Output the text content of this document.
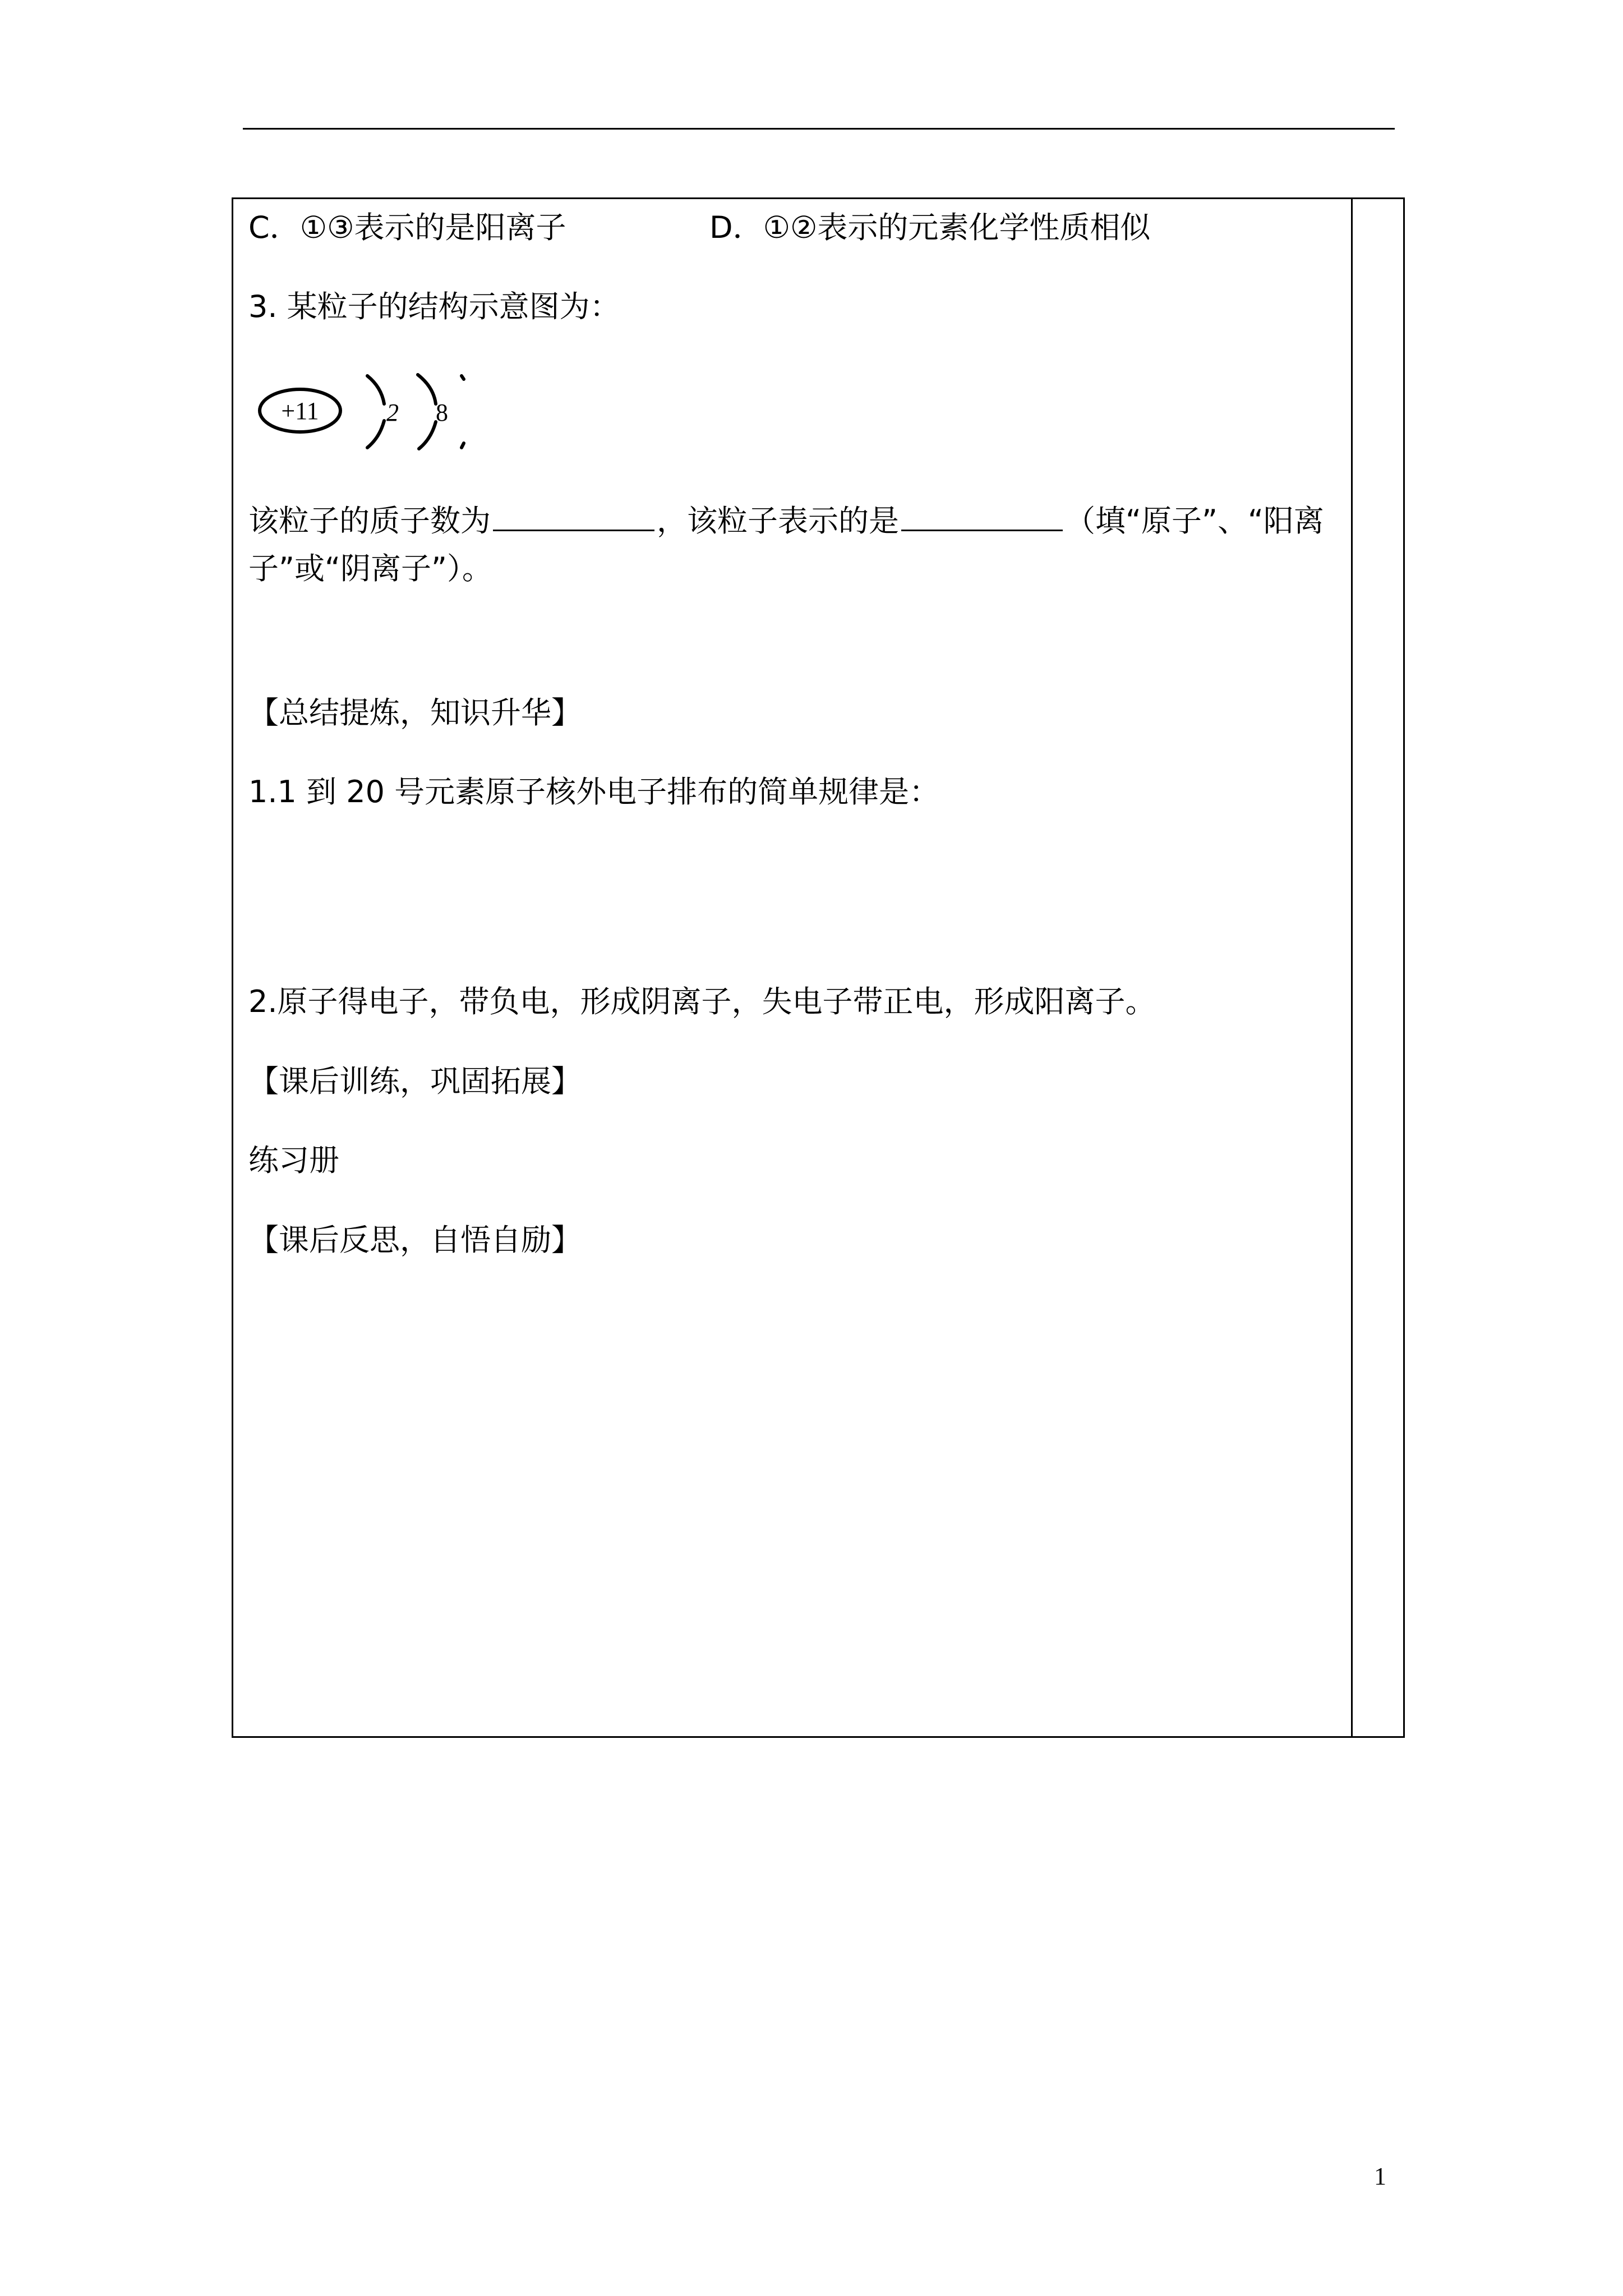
C．①③表示的是阳离子	D．①②表示的元素化学性质相似
3. 某粒子的结构示意图为：
+11	2 8
该粒子的质子数为	，该粒子表示的是	（填“原子”、“阳离
子”或“阴离子”）。
【总结提炼，知识升华】
1.1 到 20 号元素原子核外电子排布的简单规律是：
2.原子得电子，带负电，形成阴离子，失电子带正电，形成阳离子。
【课后训练，巩固拓展】
练习册
【课后反思，自悟自励】
1
